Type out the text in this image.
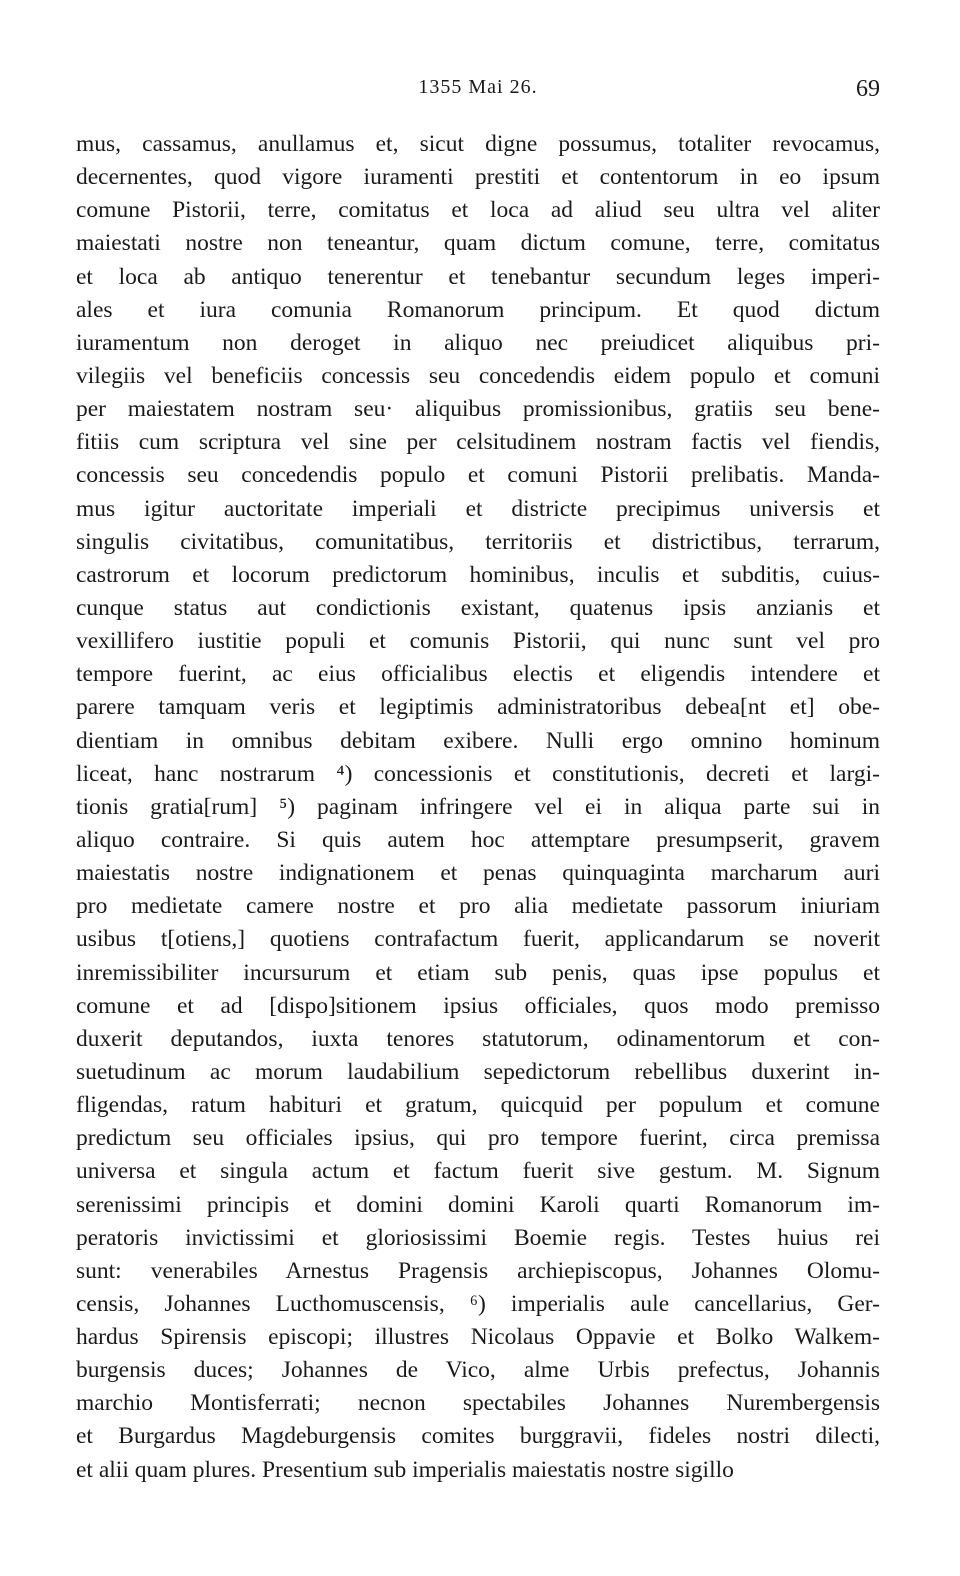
1355 Mai 26.	69
mus, cassamus, anullamus et, sicut digne possumus, totaliter revocamus,
decernentes, quod vigore iuramenti prestiti et contentorum in eo ipsum
comune Pistorii, terre, comitatus et loca ad aliud seu ultra vel aliter
maiestati nostre non teneantur, quam dictum comune, terre, comitatus
et loca ab antiquo tenerentur et tenebantur secundum leges imperi-
ales et iura comunia Romanorum principum. Et quod dictum
iuramentum non deroget in aliquo nec preiudicet aliquibus pri-
vilegiis vel beneficiis concessis seu concedendis eidem populo et comuni
per maiestatem nostram seu· aliquibus promissionibus, gratiis seu bene-
fitiis cum scriptura vel sine per celsitudinem nostram factis vel fiendis,
concessis seu concedendis populo et comuni Pistorii prelibatis. Manda-
mus igitur auctoritate imperiali et districte precipimus universis et
singulis civitatibus, comunitatibus, territoriis et districtibus, terrarum,
castrorum et locorum predictorum hominibus, inculis et subditis, cuius-
cunque status aut condictionis existant, quatenus ipsis anzianis et
vexillifero iustitie populi et comunis Pistorii, qui nunc sunt vel pro
tempore fuerint, ac eius officialibus electis et eligendis intendere et
parere tamquam veris et legiptimis administratoribus debea[nt et] obe-
dientiam in omnibus debitam exibere. Nulli ergo omnino hominum
liceat, hanc nostrarum ⁴) concessionis et constitutionis, decreti et largi-
tionis gratia[rum] ⁵) paginam infringere vel ei in aliqua parte sui in
aliquo contraire. Si quis autem hoc attemptare presumpserit, gravem
maiestatis nostre indignationem et penas quinquaginta marcharum auri
pro medietate camere nostre et pro alia medietate passorum iniuriam
usibus t[otiens,] quotiens contrafactum fuerit, applicandarum se noverit
inremissibiliter incursurum et etiam sub penis, quas ipse populus et
comune et ad [dispo]sitionem ipsius officiales, quos modo premisso
duxerit deputandos, iuxta tenores statutorum, odinamentorum et con-
suetudinum ac morum laudabilium sepedictorum rebellibus duxerint in-
fligendas, ratum habituri et gratum, quicquid per populum et comune
predictum seu officiales ipsius, qui pro tempore fuerint, circa premissa
universa et singula actum et factum fuerit sive gestum. M. Signum
serenissimi principis et domini domini Karoli quarti Romanorum im-
peratoris invictissimi et gloriosissimi Boemie regis. Testes huius rei
sunt: venerabiles Arnestus Pragensis archiepiscopus, Johannes Olomu-
censis, Johannes Lucthomuscensis, ⁶) imperialis aule cancellarius, Ger-
hardus Spirensis episcopi; illustres Nicolaus Oppavie et Bolko Walkem-
burgensis duces; Johannes de Vico, alme Urbis prefectus, Johannis
marchio Montisferrati; necnon spectabiles Johannes Nurembergensis
et Burgardus Magdeburgensis comites burggravii, fideles nostri dilecti,
et alii quam plures. Presentium sub imperialis maiestatis nostre sigillo
